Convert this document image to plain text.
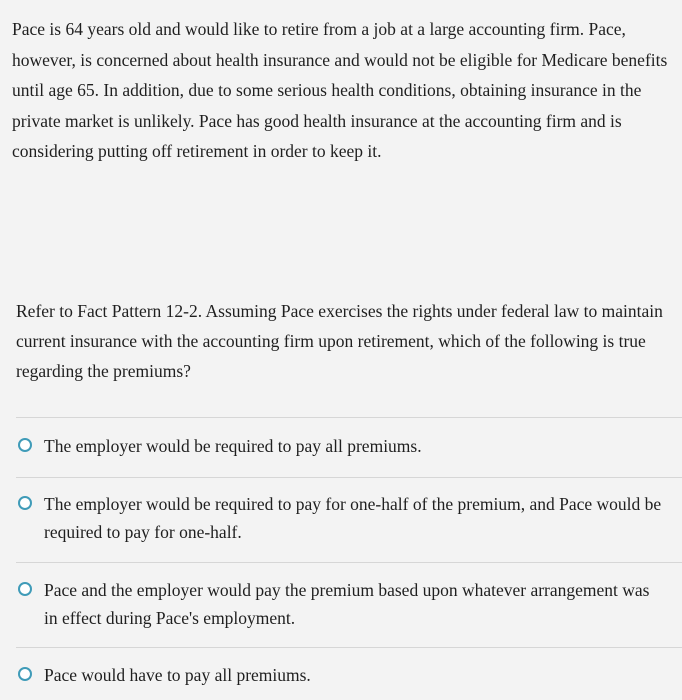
Pace is 64 years old and would like to retire from a job at a large accounting firm. Pace, however, is concerned about health insurance and would not be eligible for Medicare benefits until age 65. In addition, due to some serious health conditions, obtaining insurance in the private market is unlikely. Pace has good health insurance at the accounting firm and is considering putting off retirement in order to keep it.
Refer to Fact Pattern 12-2. Assuming Pace exercises the rights under federal law to maintain current insurance with the accounting firm upon retirement, which of the following is true regarding the premiums?
The employer would be required to pay all premiums.
The employer would be required to pay for one-half of the premium, and Pace would be required to pay for one-half.
Pace and the employer would pay the premium based upon whatever arrangement was in effect during Pace's employment.
Pace would have to pay all premiums.
